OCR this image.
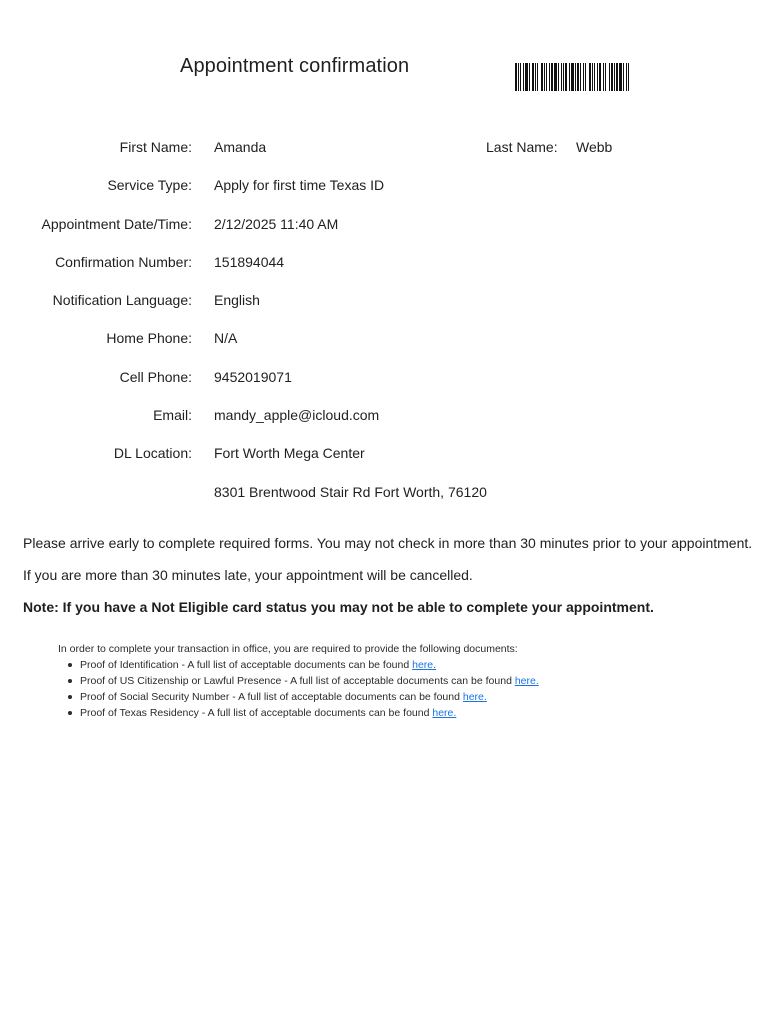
Appointment confirmation
First Name: Amanda	Last Name: Webb
Service Type: Apply for first time Texas ID
Appointment Date/Time: 2/12/2025 11:40 AM
Confirmation Number: 151894044
Notification Language: English
Home Phone: N/A
Cell Phone: 9452019071
Email: mandy_apple@icloud.com
DL Location: Fort Worth Mega Center
8301 Brentwood Stair Rd Fort Worth, 76120

Please arrive early to complete required forms. You may not check in more than 30 minutes prior to your appointment.

If you are more than 30 minutes late, your appointment will be cancelled.

Note: If you have a Not Eligible card status you may not be able to complete your appointment.

In order to complete your transaction in office, you are required to provide the following documents:
Proof of Identification - A full list of acceptable documents can be found here.
Proof of US Citizenship or Lawful Presence - A full list of acceptable documents can be found here.
Proof of Social Security Number - A full list of acceptable documents can be found here.
Proof of Texas Residency - A full list of acceptable documents can be found here.
